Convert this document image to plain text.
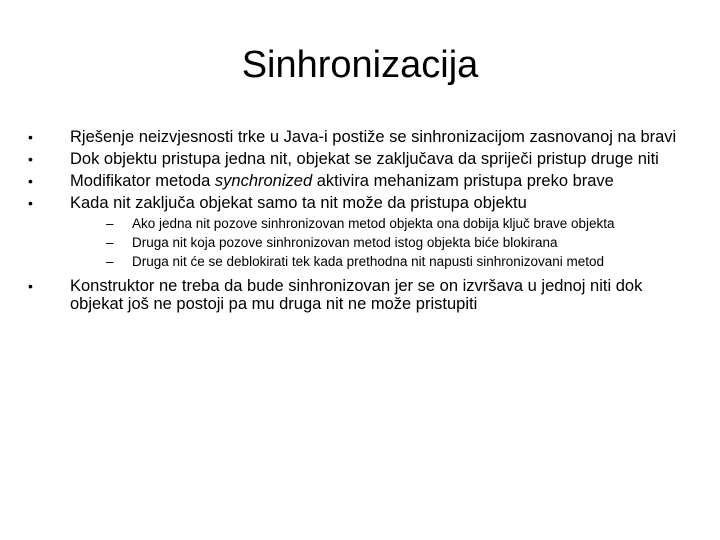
Sinhronizacija
• Rješenje neizvjesnosti trke u Java-i postiže se sinhronizacijom zasnovanoj na bravi
• Dok objektu pristupa jedna nit, objekat se zaključava da spriječi pristup druge niti
• Modifikator metoda synchronized aktivira mehanizam pristupa preko brave
• Kada nit zaključa objekat samo ta nit može da pristupa objektu
– Ako jedna nit pozove sinhronizovan metod objekta ona dobija ključ brave objekta
– Druga nit koja pozove sinhronizovan metod istog objekta biće blokirana
– Druga nit će se deblokirati tek kada prethodna nit napusti sinhronizovani metod
• Konstruktor ne treba da bude sinhronizovan jer se on izvršava u jednoj niti dok objekat još ne postoji pa mu druga nit ne može pristupiti
